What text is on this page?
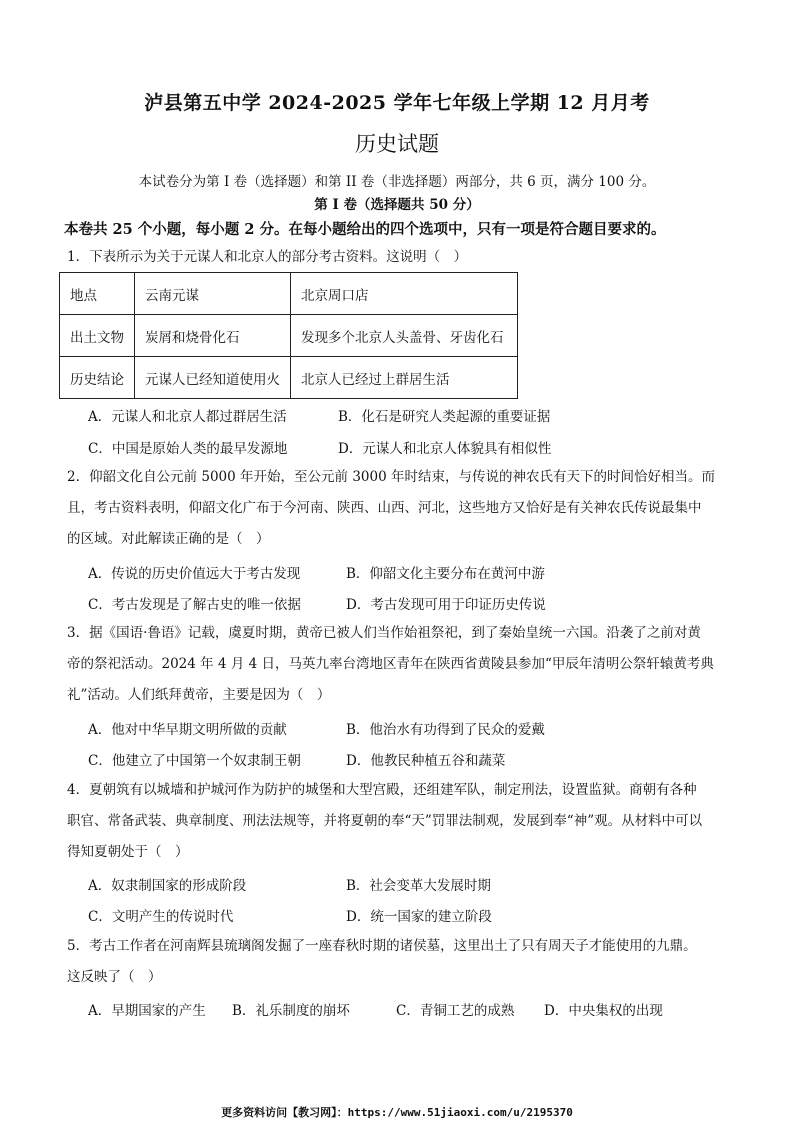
泸县第五中学 2024-2025 学年七年级上学期 12 月月考
历史试题
本试卷分为第 I 卷（选择题）和第 II 卷（非选择题）两部分，共 6 页，满分 100 分。
第 I 卷（选择题共 50 分）
本卷共 25 个小题，每小题 2 分。在每小题给出的四个选项中，只有一项是符合题目要求的。
1．下表所示为关于元谋人和北京人的部分考古资料。这说明（　）
地点	云南元谋	北京周口店
出土文物	炭屑和烧骨化石	发现多个北京人头盖骨、牙齿化石
历史结论	元谋人已经知道使用火	北京人已经过上群居生活
A．元谋人和北京人都过群居生活	B．化石是研究人类起源的重要证据
C．中国是原始人类的最早发源地	D．元谋人和北京人体貌具有相似性
2．仰韶文化自公元前 5000 年开始，至公元前 3000 年时结束，与传说的神农氏有天下的时间恰好相当。而
且，考古资料表明，仰韶文化广布于今河南、陕西、山西、河北，这些地方又恰好是有关神农氏传说最集中
的区域。对此解读正确的是（　）
A．传说的历史价值远大于考古发现	B．仰韶文化主要分布在黄河中游
C．考古发现是了解古史的唯一依据	D．考古发现可用于印证历史传说
3．据《国语·鲁语》记载，虞夏时期，黄帝已被人们当作始祖祭祀，到了秦始皇统一六国。沿袭了之前对黄
帝的祭祀活动。2024 年 4 月 4 日，马英九率台湾地区青年在陕西省黄陵县参加“甲辰年清明公祭轩辕黄考典
礼”活动。人们纸拜黄帝，主要是因为（　）
A．他对中华早期文明所做的贡献	B．他治水有功得到了民众的爱戴
C．他建立了中国第一个奴隶制王朝	D．他教民种植五谷和蔬菜
4．夏朝筑有以城墙和护城河作为防护的城堡和大型宫殿，还组建军队，制定刑法，设置监狱。商朝有各种
职官、常备武装、典章制度、刑法法规等，并将夏朝的奉“天”罚罪法制观，发展到奉“神”观。从材料中可以
得知夏朝处于（　）
A．奴隶制国家的形成阶段	B．社会变革大发展时期
C．文明产生的传说时代	D．统一国家的建立阶段
5．考古工作者在河南辉县琉璃阁发掘了一座春秋时期的诸侯墓，这里出土了只有周天子才能使用的九鼎。
这反映了（　）
A．早期国家的产生 B．礼乐制度的崩坏	C．青铜工艺的成熟 D．中央集权的出现
更多资料访问【教习网】：https://www.51jiaoxi.com/u/2195370
